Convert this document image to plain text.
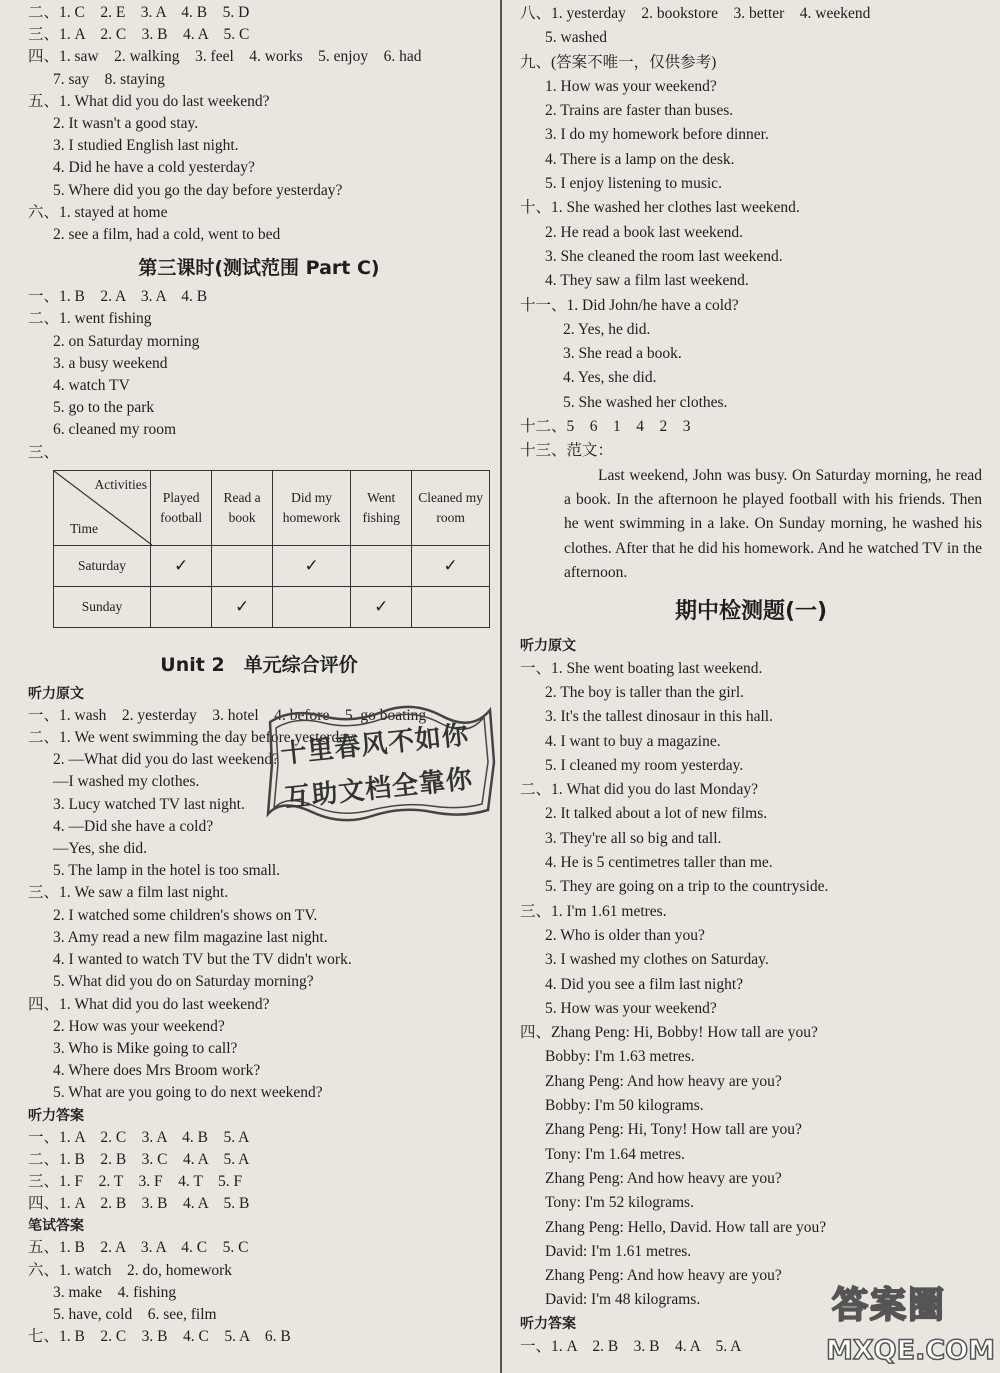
二、1. C　2. E　3. A　4. B　5. D
三、1. A　2. C　3. B　4. A　5. C
四、1. saw　2. walking　3. feel　4. works　5. enjoy　6. had
7. say　8. staying
五、1. What did you do last weekend?
2. It wasn't a good stay.
3. I studied English last night.
4. Did he have a cold yesterday?
5. Where did you go the day before yesterday?
六、1. stayed at home
2. see a film, had a cold, went to bed
第三课时(测试范围 Part C)
一、1. B　2. A　3. A　4. B
二、1. went fishing
2. on Saturday morning
3. a busy weekend
4. watch TV
5. go to the park
6. cleaned my room
三、
Activities
Time	Played football	Read a book	Did my homework	Went fishing	Cleaned my room
Saturday	✓		✓		✓
Sunday		✓		✓	
Unit 2　单元综合评价
听力原文
一、1. wash　2. yesterday　3. hotel　4. before　5. go boating
二、1. We went swimming the day before yesterday.
2. —What did you do last weekend?
—I washed my clothes.
3. Lucy watched TV last night.
4. —Did she have a cold?
—Yes, she did.
5. The lamp in the hotel is too small.
三、1. We saw a film last night.
2. I watched some children's shows on TV.
3. Amy read a new film magazine last night.
4. I wanted to watch TV but the TV didn't work.
5. What did you do on Saturday morning?
四、1. What did you do last weekend?
2. How was your weekend?
3. Who is Mike going to call?
4. Where does Mrs Broom work?
5. What are you going to do next weekend?
听力答案
一、1. A　2. C　3. A　4. B　5. A
二、1. B　2. B　3. C　4. A　5. A
三、1. F　2. T　3. F　4. T　5. F
四、1. A　2. B　3. B　4. A　5. B
笔试答案
五、1. B　2. A　3. A　4. C　5. C
六、1. watch　2. do, homework
3. make　4. fishing
5. have, cold　6. see, film
七、1. B　2. C　3. B　4. C　5. A　6. B
八、1. yesterday　2. bookstore　3. better　4. weekend
5. washed
九、(答案不唯一，仅供参考)
1. How was your weekend?
2. Trains are faster than buses.
3. I do my homework before dinner.
4. There is a lamp on the desk.
5. I enjoy listening to music.
十、1. She washed her clothes last weekend.
2. He read a book last weekend.
3. She cleaned the room last weekend.
4. They saw a film last weekend.
十一、1. Did John/he have a cold?
2. Yes, he did.
3. She read a book.
4. Yes, she did.
5. She washed her clothes.
十二、5　6　1　4　2　3
十三、范文：
Last weekend, John was busy. On Saturday morning, he read a book. In the afternoon he played football with his friends. Then he went swimming in a lake. On Sunday morning, he washed his clothes. After that he did his homework. And he watched TV in the afternoon.
期中检测题(一)
听力原文
一、1. She went boating last weekend.
2. The boy is taller than the girl.
3. It's the tallest dinosaur in this hall.
4. I want to buy a magazine.
5. I cleaned my room yesterday.
二、1. What did you do last Monday?
2. It talked about a lot of new films.
3. They're all so big and tall.
4. He is 5 centimetres taller than me.
5. They are going on a trip to the countryside.
三、1. I'm 1.61 metres.
2. Who is older than you?
3. I washed my clothes on Saturday.
4. Did you see a film last night?
5. How was your weekend?
四、Zhang Peng: Hi, Bobby! How tall are you?
Bobby: I'm 1.63 metres.
Zhang Peng: And how heavy are you?
Bobby: I'm 50 kilograms.
Zhang Peng: Hi, Tony! How tall are you?
Tony: I'm 1.64 metres.
Zhang Peng: And how heavy are you?
Tony: I'm 52 kilograms.
Zhang Peng: Hello, David. How tall are you?
David: I'm 1.61 metres.
Zhang Peng: And how heavy are you?
David: I'm 48 kilograms.
听力答案
一、1. A　2. B　3. B　4. A　5. A
十里春风不如你
互助文档全靠你
答案圈
MXQE.COM
